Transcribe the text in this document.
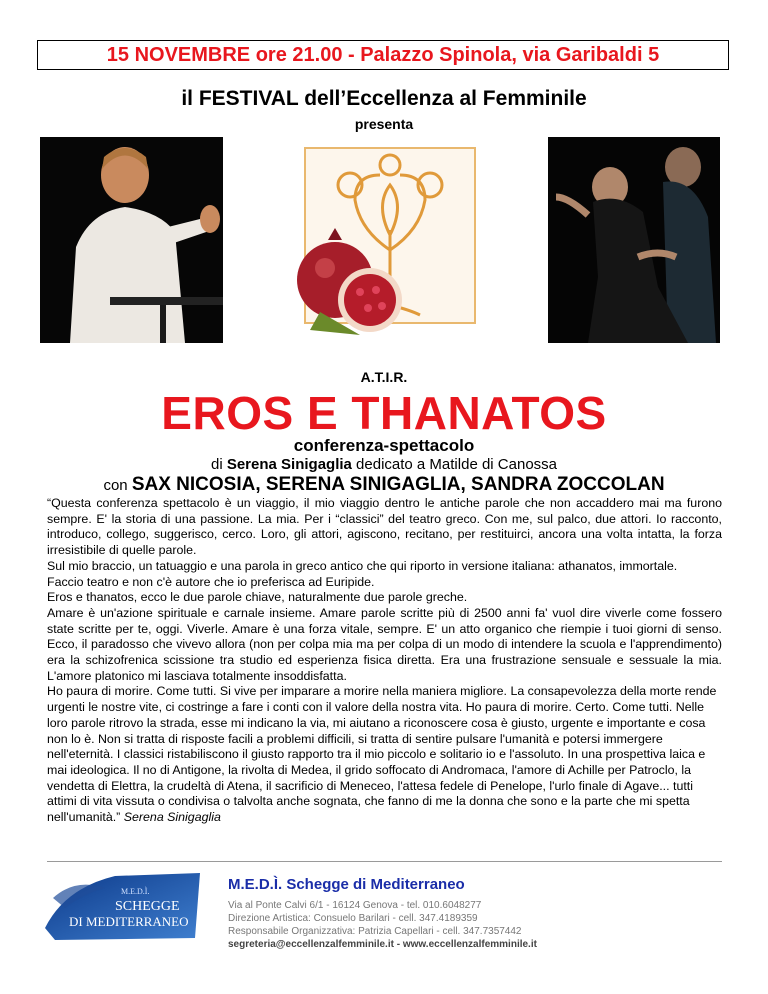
15 NOVEMBRE ore 21.00 - Palazzo Spinola, via Garibaldi 5
il FESTIVAL dell’Eccellenza al Femminile
presenta
A.T.I.R.
EROS E THANATOS
conferenza-spettacolo
di Serena Sinigaglia dedicato a Matilde di Canossa
con SAX NICOSIA, SERENA SINIGAGLIA, SANDRA ZOCCOLAN

“Questa conferenza spettacolo è un viaggio, il mio viaggio dentro le antiche parole che non accaddero mai ma furono sempre. E' la storia di una passione. La mia. Per i “classici” del teatro greco. Con me, sul palco, due attori. Io racconto, introduco, collego, suggerisco, cerco. Loro, gli attori, agiscono, recitano, per restituirci, ancora una volta intatta, la forza irresistibile di quelle parole.

Sul mio braccio, un tatuaggio e una parola in greco antico che qui riporto in versione italiana: athanatos, immortale.

Faccio teatro e non c'è autore che io preferisca ad Euripide.

Eros e thanatos, ecco le due parole chiave, naturalmente due parole greche.

Amare è un'azione spirituale e carnale insieme. Amare parole scritte più di 2500 anni fa' vuol dire viverle come fossero state scritte per te, oggi. Viverle. Amare è una forza vitale, sempre. E' un atto organico che riempie i tuoi giorni di senso. Ecco, il paradosso che vivevo allora (non per colpa mia ma per colpa di un modo di intendere la scuola e l'apprendimento) era la schizofrenica scissione tra studio ed esperienza fisica diretta. Era una frustrazione sensuale e sessuale la mia. L'amore platonico mi lasciava totalmente insoddisfatta.

Ho paura di morire. Come tutti. Si vive per imparare a morire nella maniera migliore. La consapevolezza della morte rende urgenti le nostre vite, ci costringe a fare i conti con il valore della nostra vita. Ho paura di morire. Certo. Come tutti. Nelle loro parole ritrovo la strada, esse mi indicano la via, mi aiutano a riconoscere cosa è giusto, urgente e importante e cosa non lo è. Non si tratta di risposte facili a problemi difficili, si tratta di sentire pulsare l'umanità e potersi immergere nell'eternità. I classici ristabiliscono il giusto rapporto tra il mio piccolo e solitario io e l'assoluto. In una prospettiva laica e mai ideologica. Il no di Antigone, la rivolta di Medea, il grido soffocato di Andromaca, l'amore di Achille per Patroclo, la vendetta di Elettra, la crudeltà di Atena, il sacrificio di Meneceo, l'attesa fedele di Penelope, l'urlo finale di Agave... tutti attimi di vita vissuta o condivisa o talvolta anche sognata, che fanno di me la donna che sono e la parte che mi spetta nell'umanità.” Serena Sinigaglia

M.E.D.Ì.
SCHEGGE
DI MEDITERRANEO
M.E.D.Ì. Schegge di Mediterraneo
Via al Ponte Calvi 6/1 - 16124 Genova - tel. 010.6048277
Direzione Artistica: Consuelo Barilari - cell. 347.4189359
Responsabile Organizzativa: Patrizia Capellari - cell. 347.7357442
segreteria@eccellenzalfemminile.it - www.eccellenzalfemminile.it
